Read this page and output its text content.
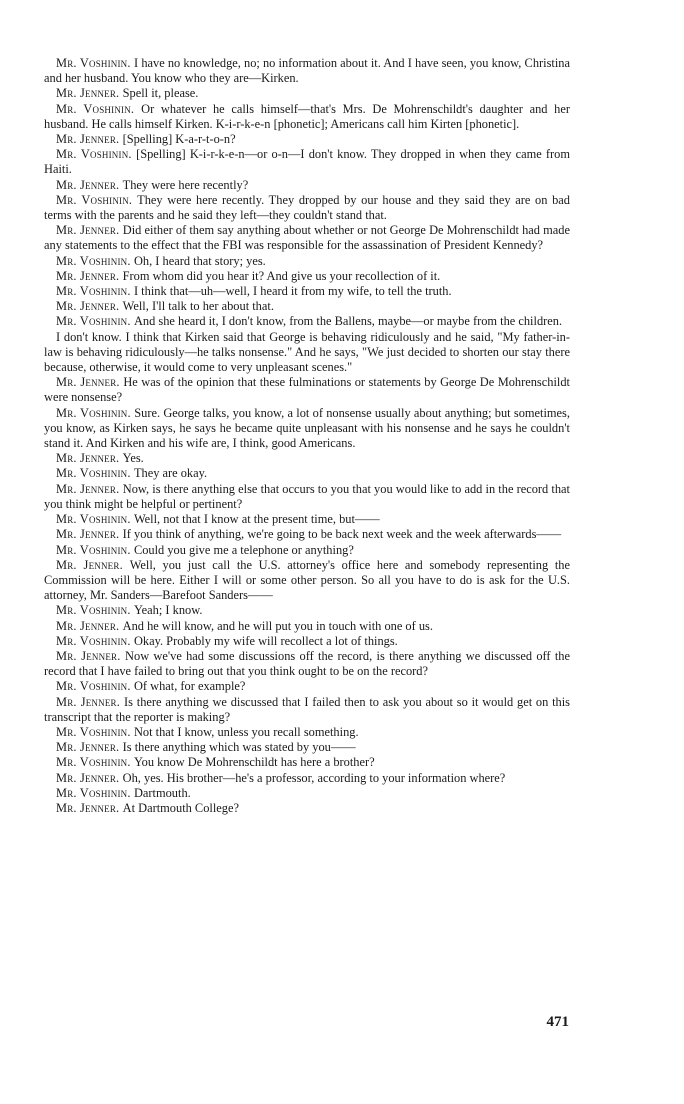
Mr. Voshinin. I have no knowledge, no; no information about it. And I have seen, you know, Christina and her husband. You know who they are—Kirken.

Mr. Jenner. Spell it, please.

Mr. Voshinin. Or whatever he calls himself—that's Mrs. De Mohrenschildt's daughter and her husband. He calls himself Kirken. K-i-r-k-e-n [phonetic]; Americans call him Kirten [phonetic].

Mr. Jenner. [Spelling] K-a-r-t-o-n?

Mr. Voshinin. [Spelling] K-i-r-k-e-n—or o-n—I don't know. They dropped in when they came from Haiti.

Mr. Jenner. They were here recently?

Mr. Voshinin. They were here recently. They dropped by our house and they said they are on bad terms with the parents and he said they left—they couldn't stand that.

Mr. Jenner. Did either of them say anything about whether or not George De Mohrenschildt had made any statements to the effect that the FBI was responsible for the assassination of President Kennedy?

Mr. Voshinin. Oh, I heard that story; yes.

Mr. Jenner. From whom did you hear it? And give us your recollection of it.

Mr. Voshinin. I think that—uh—well, I heard it from my wife, to tell the truth.

Mr. Jenner. Well, I'll talk to her about that.

Mr. Voshinin. And she heard it, I don't know, from the Ballens, maybe—or maybe from the children.

I don't know. I think that Kirken said that George is behaving ridiculously and he said, "My father-in-law is behaving ridiculously—he talks nonsense." And he says, "We just decided to shorten our stay there because, otherwise, it would come to very unpleasant scenes."

Mr. Jenner. He was of the opinion that these fulminations or statements by George De Mohrenschildt were nonsense?

Mr. Voshinin. Sure. George talks, you know, a lot of nonsense usually about anything; but sometimes, you know, as Kirken says, he says he became quite unpleasant with his nonsense and he says he couldn't stand it. And Kirken and his wife are, I think, good Americans.

Mr. Jenner. Yes.

Mr. Voshinin. They are okay.

Mr. Jenner. Now, is there anything else that occurs to you that you would like to add in the record that you think might be helpful or pertinent?

Mr. Voshinin. Well, not that I know at the present time, but——

Mr. Jenner. If you think of anything, we're going to be back next week and the week afterwards——

Mr. Voshinin. Could you give me a telephone or anything?

Mr. Jenner. Well, you just call the U.S. attorney's office here and somebody representing the Commission will be here. Either I will or some other person. So all you have to do is ask for the U.S. attorney, Mr. Sanders—Barefoot Sanders——

Mr. Voshinin. Yeah; I know.

Mr. Jenner. And he will know, and he will put you in touch with one of us.

Mr. Voshinin. Okay. Probably my wife will recollect a lot of things.

Mr. Jenner. Now we've had some discussions off the record, is there anything we discussed off the record that I have failed to bring out that you think ought to be on the record?

Mr. Voshinin. Of what, for example?

Mr. Jenner. Is there anything we discussed that I failed then to ask you about so it would get on this transcript that the reporter is making?

Mr. Voshinin. Not that I know, unless you recall something.

Mr. Jenner. Is there anything which was stated by you——

Mr. Voshinin. You know De Mohrenschildt has here a brother?

Mr. Jenner. Oh, yes. His brother—he's a professor, according to your information where?

Mr. Voshinin. Dartmouth.

Mr. Jenner. At Dartmouth College?

471
